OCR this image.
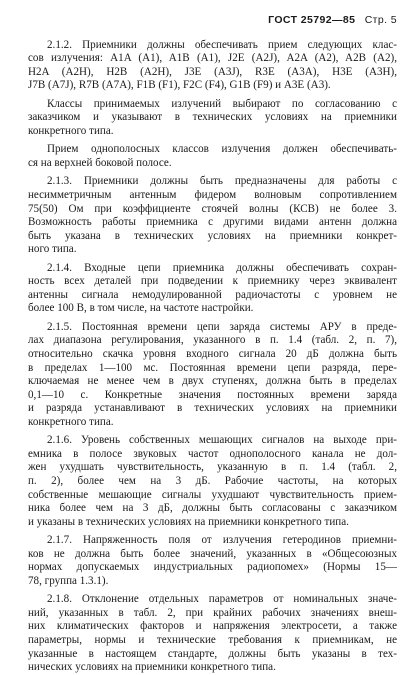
ГОСТ 25792—85 Стр. 5
2.1.2. Приемники должны обеспечивать прием следующих клас-
сов излучения: A1A (A1), A1B (A1), J2E (A2J), A2A (A2), A2B (A2),
H2A (A2H), H2B (A2H), J3E (A3J), R3E (A3A), H3E (A3H),
J7B (A7J), R7B (A7A), F1B (F1), F2C (F4), G1B (F9) и A3E (A3).
Классы принимаемых излучений выбирают по согласованию с
заказчиком и указывают в технических условиях на приемники
конкретного типа.
Прием однополосных классов излучения должен обеспечивать-
ся на верхней боковой полосе.
2.1.3. Приемники должны быть предназначены для работы с
несимметричным антенным фидером волновым сопротивлением
75(50) Ом при коэффициенте стоячей волны (КСВ) не более 3.
Возможность работы приемника с другими видами антенн должна
быть указана в технических условиях на приемники конкрет-
ного типа.
2.1.4. Входные цепи приемника должны обеспечивать сохран-
ность всех деталей при подведении к приемнику через эквивалент
антенны сигнала немодулированной радиочастоты с уровнем не
более 100 В, в том числе, на частоте настройки.
2.1.5. Постоянная времени цепи заряда системы АРУ в преде-
лах диапазона регулирования, указанного в п. 1.4 (табл. 2, п. 7),
относительно скачка уровня входного сигнала 20 дБ должна быть
в пределах 1—100 мс. Постоянная времени цепи разряда, пере-
ключаемая не менее чем в двух ступенях, должна быть в пределах
0,1—10 с. Конкретные значения постоянных времени заряда
и разряда устанавливают в технических условиях на приемники
конкретного типа.
2.1.6. Уровень собственных мешающих сигналов на выходе при-
емника в полосе звуковых частот однополосного канала не дол-
жен ухудшать чувствительность, указанную в п. 1.4 (табл. 2,
п. 2), более чем на 3 дБ. Рабочие частоты, на которых
собственные мешающие сигналы ухудшают чувствительность прием-
ника более чем на 3 дБ, должны быть согласованы с заказчиком
и указаны в технических условиях на приемники конкретного типа.
2.1.7. Напряженность поля от излучения гетеродинов приемни-
ков не должна быть более значений, указанных в «Общесоюзных
нормах допускаемых индустриальных радиопомех» (Нормы 15—
78, группа 1.3.1).
2.1.8. Отклонение отдельных параметров от номинальных значе-
ний, указанных в табл. 2, при крайних рабочих значениях внеш-
них климатических факторов и напряжения электросети, а также
параметры, нормы и технические требования к приемникам, не
указанные в настоящем стандарте, должны быть указаны в тех-
нических условиях на приемники конкретного типа.
